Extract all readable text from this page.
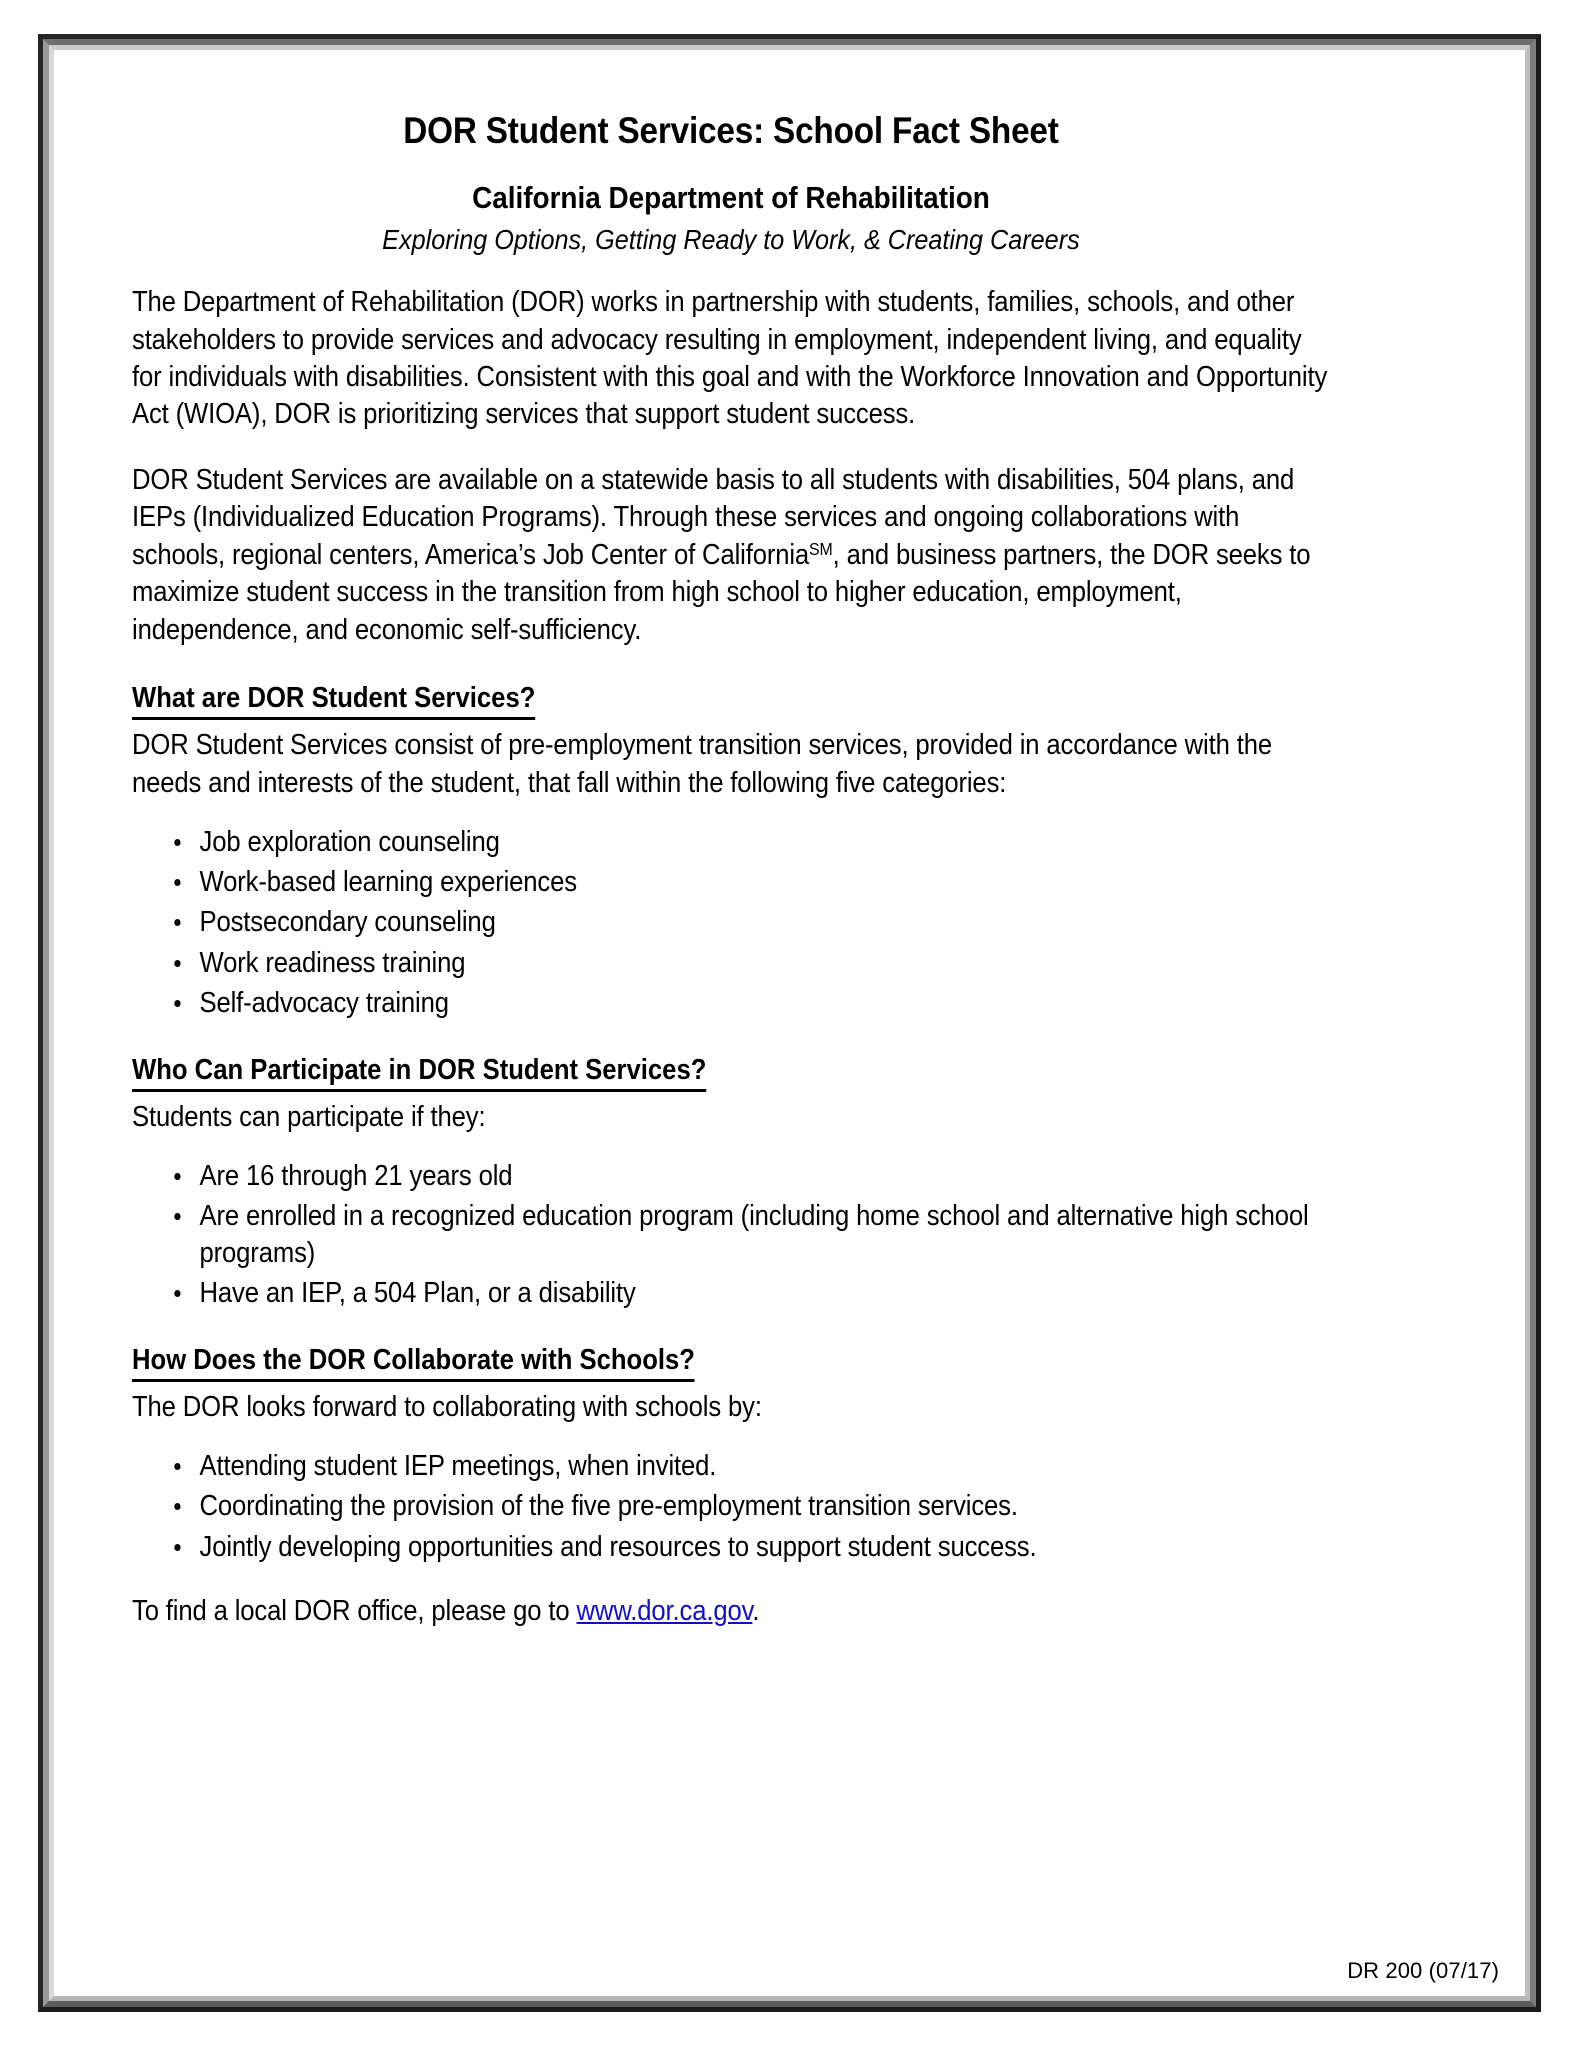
DOR Student Services: School Fact Sheet
California Department of Rehabilitation
Exploring Options, Getting Ready to Work, & Creating Careers

The Department of Rehabilitation (DOR) works in partnership with students, families, schools, and other stakeholders to provide services and advocacy resulting in employment, independent living, and equality for individuals with disabilities. Consistent with this goal and with the Workforce Innovation and Opportunity Act (WIOA), DOR is prioritizing services that support student success.

DOR Student Services are available on a statewide basis to all students with disabilities, 504 plans, and IEPs (Individualized Education Programs). Through these services and ongoing collaborations with schools, regional centers, America’s Job Center of California℠, and business partners, the DOR seeks to maximize student success in the transition from high school to higher education, employment, independence, and economic self-sufficiency.

What are DOR Student Services?

DOR Student Services consist of pre-employment transition services, provided in accordance with the needs and interests of the student, that fall within the following five categories:

Job exploration counseling
Work-based learning experiences
Postsecondary counseling
Work readiness training
Self-advocacy training
Who Can Participate in DOR Student Services?

Students can participate if they:

Are 16 through 21 years old
Are enrolled in a recognized education program (including home school and alternative high school programs)
Have an IEP, a 504 Plan, or a disability
How Does the DOR Collaborate with Schools?

The DOR looks forward to collaborating with schools by:

Attending student IEP meetings, when invited.
Coordinating the provision of the five pre-employment transition services.
Jointly developing opportunities and resources to support student success.

To find a local DOR office, please go to www.dor.ca.gov.

DR 200 (07/17)
